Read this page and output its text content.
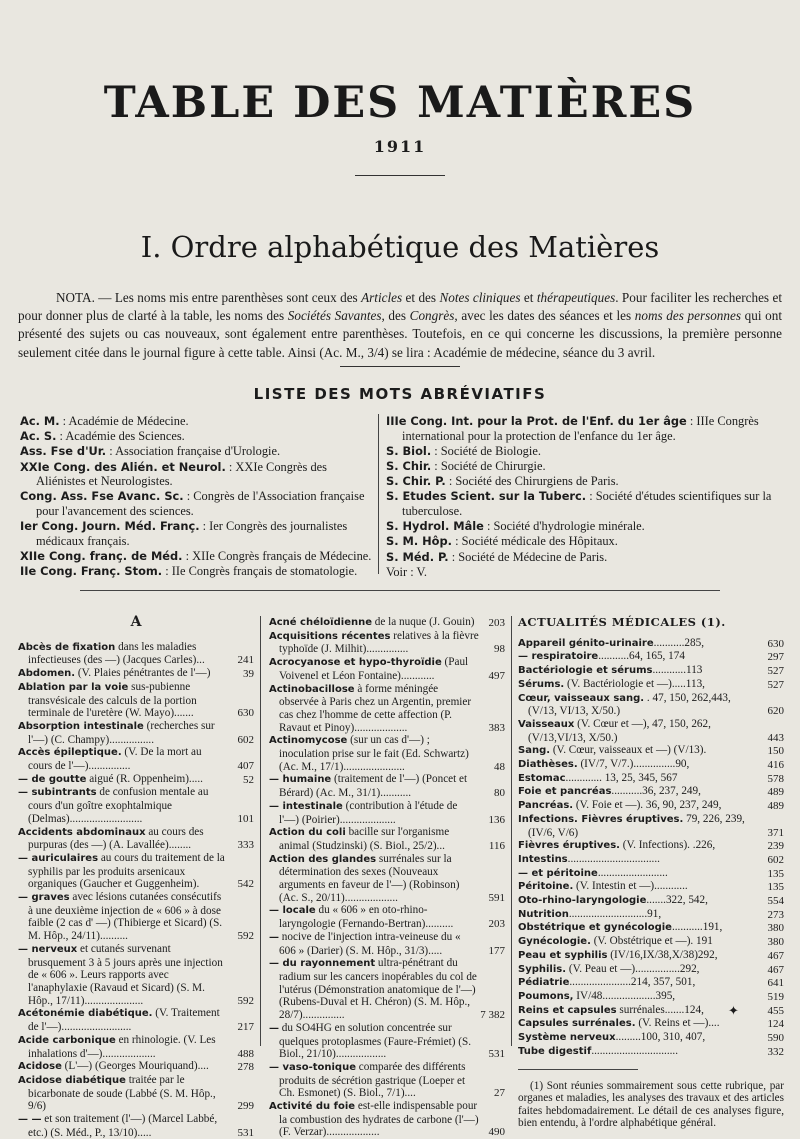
TABLE DES MATIÈRES
1911
I. Ordre alphabétique des Matières
NOTA. — Les noms mis entre parenthèses sont ceux des Articles et des Notes cliniques et thérapeutiques. Pour faciliter les recherches et pour donner plus de clarté à la table, les noms des Sociétés Savantes, des Congrès, avec les dates des séances et les noms des personnes qui ont présenté des sujets ou cas nouveaux, sont également entre parenthèses. Toutefois, en ce qui concerne les discussions, la première personne seulement citée dans le journal figure à cette table. Ainsi (Ac. M., 3/4) se lira : Académie de médecine, séance du 3 avril.
LISTE DES MOTS ABRÉVIATIFS
Ac. M. : Académie de Médecine.
Ac. S. : Académie des Sciences.
Ass. Fse d'Ur. : Association française d'Urologie.
XXIe Cong. des Alién. et Neurol. : XXIe Congrès des Aliénistes et Neurologistes.
Cong. Ass. Fse Avanc. Sc. : Congrès de l'Association française pour l'avancement des sciences.
Ier Cong. Journ. Méd. Franç. : Ier Congrès des journalistes médicaux français.
XIIe Cong. franç. de Méd. : XIIe Congrès français de Médecine.
IIe Cong. Franç. Stom. : IIe Congrès français de stomatologie.
IIIe Cong. Int. pour la Prot. de l'Enf. du 1er âge : IIIe Congrès international pour la protection de l'enfance du 1er âge.
S. Biol. : Société de Biologie.
S. Chir. : Société de Chirurgie.
S. Chir. P. : Société des Chirurgiens de Paris.
S. Etudes Scient. sur la Tuberc. : Société d'études scientifiques sur la tuberculose.
S. Hydrol. Mâle : Société d'hydrologie minérale.
S. M. Hôp. : Société médicale des Hôpitaux.
S. Méd. P. : Société de Médecine de Paris.
Voir : V.
A
Abcès de fixation dans les maladies infectieuses (des —) (Jacques Carles)...	241
Abdomen. (V. Plaies pénétrantes de l'—)	39
Ablation par la voie sus-pubienne transvésicale des calculs de la portion terminale de l'uretère (W. Mayo).......	630
Absorption intestinale (recherches sur l'—) (C. Champy)................	602
Accès épileptique. (V. De la mort au cours de l'—)...............	407
— de goutte aigué (R. Oppenheim).....	52
— subintrants de confusion mentale au cours d'un goître exophtalmique (Delmas)..........................	101
Accidents abdominaux au cours des purpuras (des —) (A. Lavallée)........	333
— auriculaires au cours du traitement de la syphilis par les produits arsenicaux organiques (Gaucher et Guggenheim).	542
— graves avec lésions cutanées consécutifs à une deuxième injection de « 606 » à dose faible (2 cas d' —) (Thibierge et Sicard) (S. M. Hôp., 24/11)..........	592
— nerveux et cutanés survenant brusquement 3 à 5 jours après une injection de « 606 ». Leurs rapports avec l'anaphylaxie (Ravaud et Sicard) (S. M. Hôp., 17/11).....................	592
Acétonémie diabétique. (V. Traitement de l'—).........................	217
Acide carbonique en rhinologie. (V. Les inhalations d'—)...................	488
Acidose (L'—) (Georges Mouriquand)....	278
Acidose diabétique traitée par le bicarbonate de soude (Labbé (S. M. Hôp., 9/6)	299
— — et son traitement (l'—) (Marcel Labbé, etc.) (S. Méd., P., 13/10).....	531
Acné chéloïdienne de la nuque (J. Gouin) 203
Acquisitions récentes relatives à la fièvre typhoïde (J. Milhit)...............	98
Acrocyanose et hypo-thyroïdie (Paul Voivenel et Léon Fontaine)............	497
Actinobacillose à forme méningée observée à Paris chez un Argentin, premier cas chez l'homme de cette affection (P. Ravaut et Pinoy)...................	383
Actinomycose (sur un cas d'—) ; inoculation prise sur le fait (Ed. Schwartz) (Ac. M., 17/1)......................	48
— humaine (traitement de l'—) (Poncet et Bérard) (Ac. M., 31/1)...........	80
— intestinale (contribution à l'étude de l'—) (Poirier)....................	136
Action du coli bacille sur l'organisme animal (Studzinski) (S. Biol., 25/2)...	116
Action des glandes surrénales sur la détermination des sexes (Nouveaux arguments en faveur de l'—) (Robinson) (Ac. S., 20/11)...................	591
— locale du « 606 » en oto-rhino-laryngologie (Fernando-Bertran)..........	203
— nocive de l'injection intra-veineuse du « 606 » (Darier) (S. M. Hôp., 31/3).....	177
— du rayonnement ultra-pénétrant du radium sur les cancers inopérables du col de l'utérus (Démonstration anatomique de l'—) (Rubens-Duval et H. Chéron) (S. M. Hôp., 28/7)...............	7 382
— du SO4HG en solution concentrée sur quelques protoplasmes (Faure-Frémiet) (S. Biol., 21/10)..................	531
— vaso-tonique comparée des différents produits de sécrétion gastrique (Loeper et Ch. Esmonet) (S. Biol., 7/1)....	27
Activité du foie est-elle indispensable pour la combustion des hydrates de carbone (l'—) (F. Verzar)...................	490
ACTUALITÉS MÉDICALES (1).
Appareil génito-urinaire...........285,	630
— respiratoire...........64, 165, 174	297
Bactériologie et sérums............113	527
Sérums. (V. Bactériologie et —).....113,	527
Cœur, vaisseaux sang. . 47, 150, 262,443, (V/13, VI/13, X/50.)	620
Vaisseaux (V. Cœur et —), 47, 150, 262, (V/13,VI/13, X/50.)	443
Sang. (V. Cœur, vaisseaux et —) (V/13).	150
Diathèses. (IV/7, V/7.)...............90,	416
Estomac............. 13, 25, 345, 567	578
Foie et pancréas...........36, 237, 249,	489
Pancréas. (V. Foie et —). 36, 90, 237, 249,	489
Infections. Fièvres éruptives. 79, 226, 239, (IV/6, V/6)	371
Fièvres éruptives. (V. Infections). .226,	239
Intestins.................................	602
— et péritoine.........................	135
Péritoine. (V. Intestin et —)............	135
Oto-rhino-laryngologie.......322, 542,	554
Nutrition............................91,	273
Obstétrique et gynécologie...........191,	380
Gynécologie. (V. Obstétrique et —). 191	380
Peau et syphilis (IV/16,IX/38,X/38)292,	467
Syphilis. (V. Peau et —)................292,	467
Pédiatrie......................214, 357, 501,	641
Poumons, IV/48...................395,	519
Reins et capsules surrénales.......124,	455
Capsules surrénales. (V. Reins et —)....	124
Système nerveux.........100, 310, 407,	590
Tube digestif...............................	332
(1) Sont réunies sommairement sous cette rubrique, par organes et maladies, les analyses des travaux et des articles faites hebdomadairement. Le détail de ces analyses figure, bien entendu, à l'ordre alphabétique général.
✦
